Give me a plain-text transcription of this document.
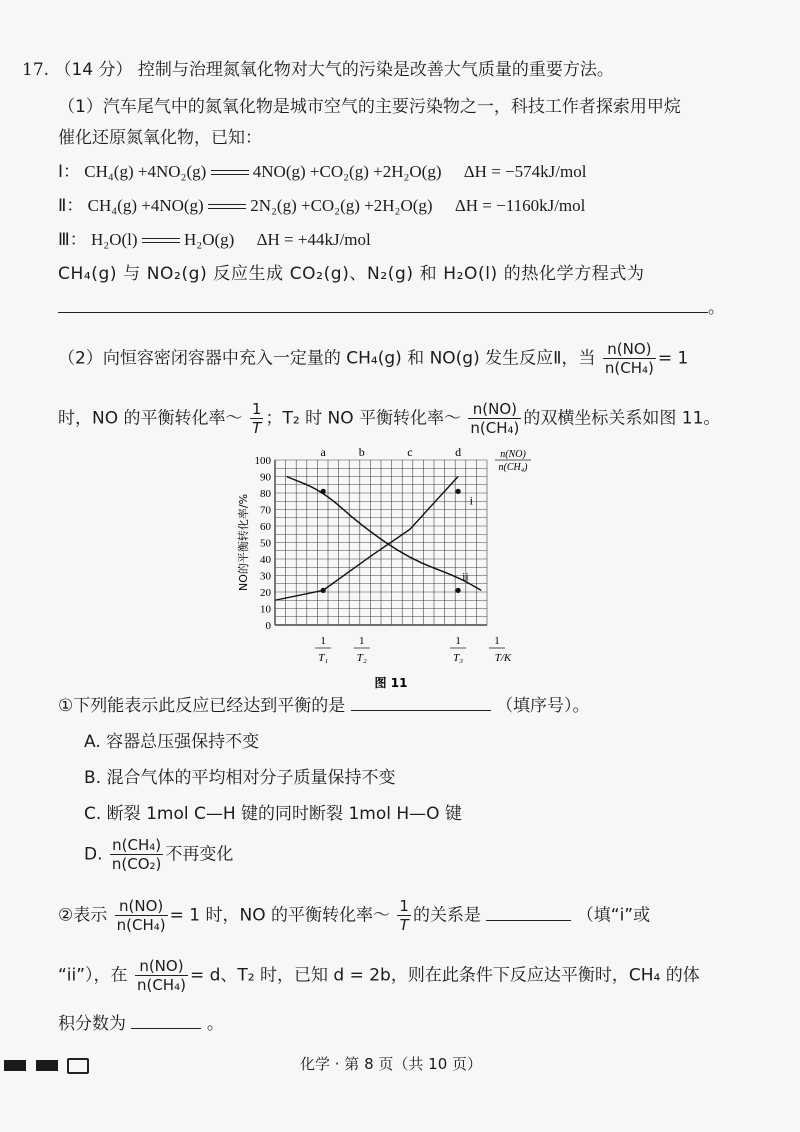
17. （14 分） 控制与治理氮氧化物对大气的污染是改善大气质量的重要方法。
（1）汽车尾气中的氮氧化物是城市空气的主要污染物之一，科技工作者探索用甲烷
催化还原氮氧化物，已知：
Ⅰ： CH₄(g) +4NO₂(g)	4NO(g) +CO₂(g) +2H₂O(g) ΔH = −574kJ/mol
Ⅱ： CH₄(g) +4NO(g)	2N₂(g) +CO₂(g) +2H₂O(g) ΔH = −1160kJ/mol
Ⅲ： H₂O(l)	H₂O(g) ΔH = +44kJ/mol
CH₄(g) 与 NO₂(g) 反应生成 CO₂(g)、N₂(g) 和 H₂O(l) 的热化学方程式为
。
（2）向恒容密闭容器中充入一定量的 CH₄(g) 和 NO(g) 发生反应Ⅱ，当 $\frac{n(NO)}{\text{n(CH₄)}} = 1$
时，NO 的平衡转化率～ $\frac{1}{T}$ ；T₂ 时 NO 平衡转化率～ $\frac{n(NO)}{\text{n(CH₄)}}$ 的双横坐标关系如图 11。
100
90
80
70
60
50
40
30
20
10
0
NO的平衡转化率/%
a	b	c	d	n(NO)
n(CH₄)
1
T₁
1
T₂
1
T₃
1
T/K
i
ii
图 11
①下列能表示此反应已经达到平衡的是	（填序号）。
A. 容器总压强保持不变
B. 混合气体的平均相对分子质量保持不变
C. 断裂 1mol C—H 键的同时断裂 1mol H—O 键
D. $\frac{\text{n(CH₄)}}{\text{n(CO₂)}}$ 不再变化
②表示 $\frac{n(NO)}{\text{n(CH₄)}} = 1$ 时，NO 的平衡转化率～ $\frac{1}{T}$ 的关系是	（填“i”或
“ii”），在 $\frac{n(NO)}{\text{n(CH₄)}} = d$、T₂ 时，已知 d = 2b，则在此条件下反应达平衡时，CH₄ 的体
积分数为	。
化学 · 第 8 页（共 10 页）
